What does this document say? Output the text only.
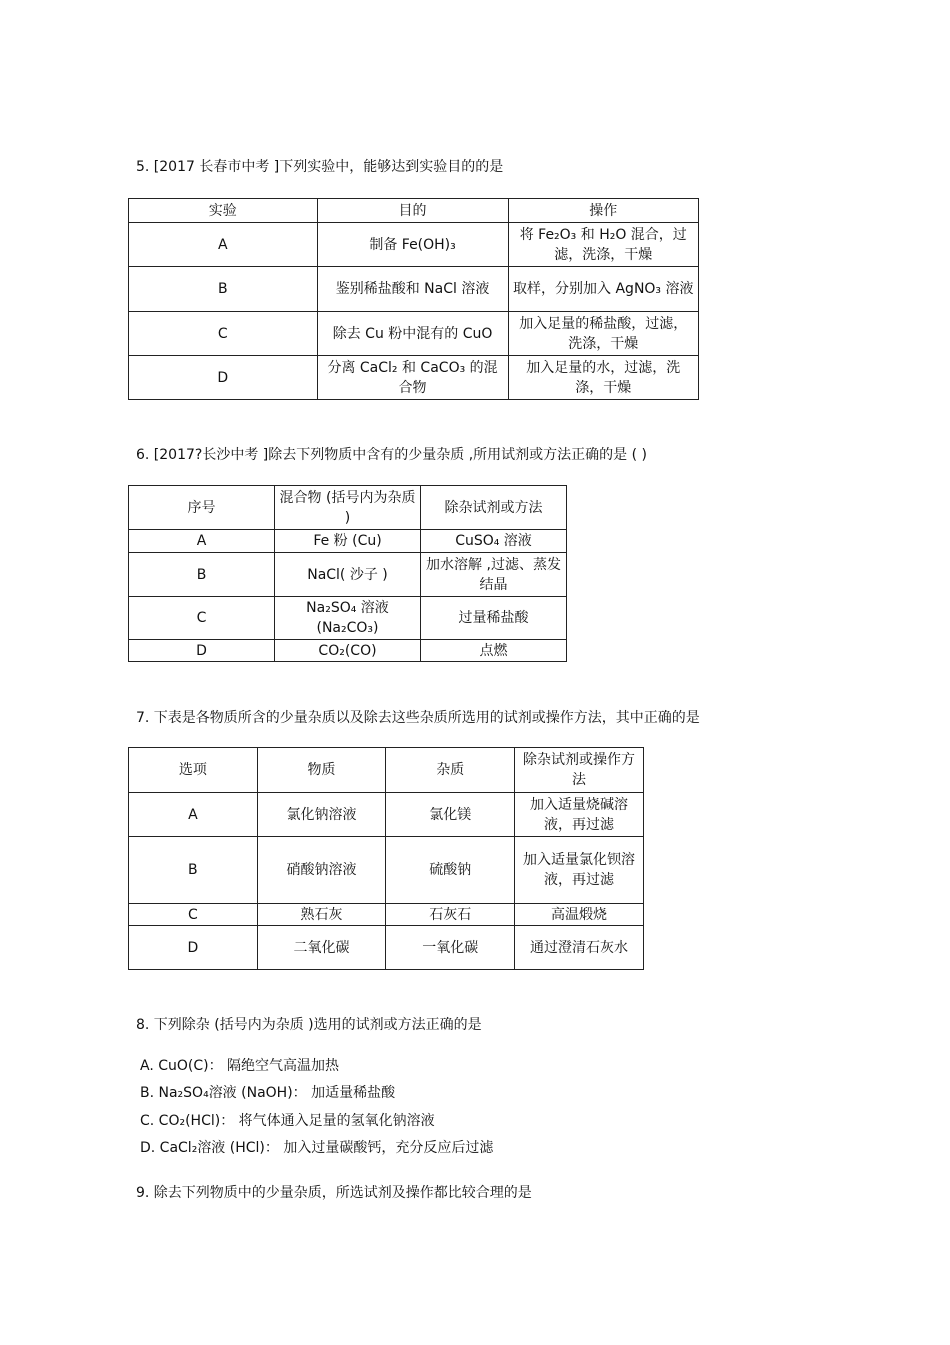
5. [2017 长春市中考 ]下列实验中，能够达到实验目的的是
实验	目的	操作
A	制备 Fe(OH)₃	将 Fe₂O₃ 和 H₂O 混合，过滤，洗涤，干燥
B	鉴别稀盐酸和 NaCl 溶液	取样，分别加入 AgNO₃ 溶液
C	除去 Cu 粉中混有的 CuO	加入足量的稀盐酸，过滤，洗涤，干燥
D	分离 CaCl₂ 和 CaCO₃ 的混合物	加入足量的水，过滤，洗涤，干燥
6. [2017?长沙中考 ]除去下列物质中含有的少量杂质 ,所用试剂或方法正确的是 ( )
序号	混合物 (括号内为杂质 )	除杂试剂或方法
A	Fe 粉 (Cu)	CuSO₄ 溶液
B	NaCl( 沙子 )	加水溶解 ,过滤、蒸发结晶
C	Na₂SO₄ 溶液 (Na₂CO₃)	过量稀盐酸
D	CO₂(CO)	点燃
7. 下表是各物质所含的少量杂质以及除去这些杂质所选用的试剂或操作方法，其中正确的是
选项	物质	杂质	除杂试剂或操作方法
A	氯化钠溶液	氯化镁	加入适量烧碱溶液，再过滤
B	硝酸钠溶液	硫酸钠	加入适量氯化钡溶液，再过滤
C	熟石灰	石灰石	高温煅烧
D	二氧化碳	一氧化碳	通过澄清石灰水
8. 下列除杂 (括号内为杂质 )选用的试剂或方法正确的是
A. CuO(C)： 隔绝空气高温加热
B. Na₂SO₄溶液 (NaOH)： 加适量稀盐酸
C. CO₂(HCl)： 将气体通入足量的氢氧化钠溶液
D. CaCl₂溶液 (HCl)： 加入过量碳酸钙，充分反应后过滤
9. 除去下列物质中的少量杂质，所选试剂及操作都比较合理的是
